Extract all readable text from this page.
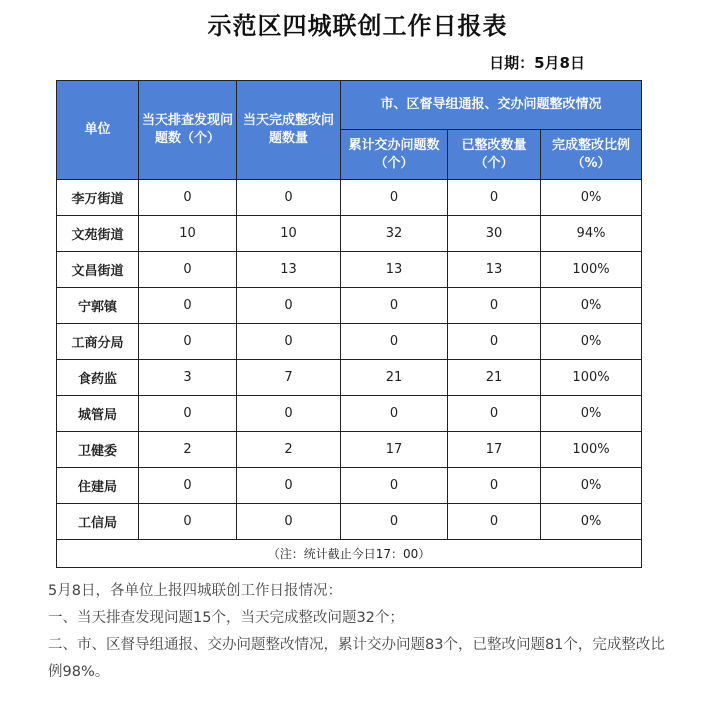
示范区四城联创工作日报表
日期：5月8日
单位	当天排查发现问题数（个）	当天完成整改问题数量	市、区督导组通报、交办问题整改情况		
			累计交办问题数（个）	已整改数量（个）	完成整改比例（%）
李万街道	0	0	0	0	0%
文苑街道	10	10	32	30	94%
文昌街道	0	13	13	13	100%
宁郭镇	0	0	0	0	0%
工商分局	0	0	0	0	0%
食药监	3	7	21	21	100%
城管局	0	0	0	0	0%
卫健委	2	2	17	17	100%
住建局	0	0	0	0	0%
工信局	0	0	0	0	0%
（注：统计截止今日17：00）					

5月8日，各单位上报四城联创工作日报情况：

一、当天排查发现问题15个，当天完成整改问题32个；

二、市、区督导组通报、交办问题整改情况，累计交办问题83个，已整改问题81个，完成整改比例98%。
